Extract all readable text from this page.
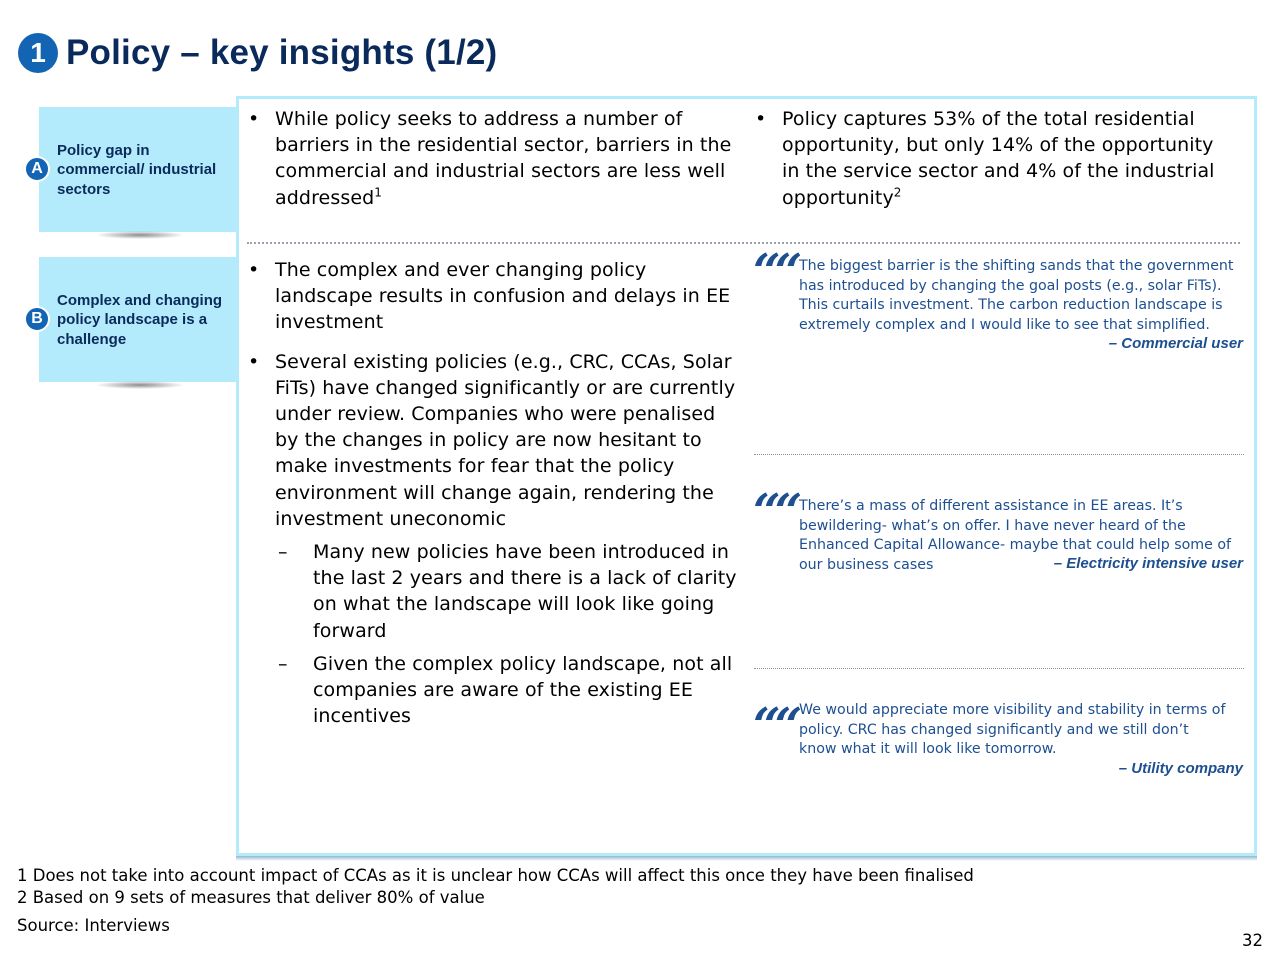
1 Policy – key insights (1/2)
Policy gap in commercial/ industrial sectors
A
Complex and changing policy landscape is a challenge
B
• While policy seeks to address a number of barriers in the residential sector, barriers in the commercial and industrial sectors are less well addressed$^1$
• Policy captures 53% of the total residential opportunity, but only 14% of the opportunity in the service sector and 4% of the industrial opportunity$^2$
• The complex and ever changing policy landscape results in confusion and delays in EE investment
• Several existing policies (e.g., CRC, CCAs, Solar FiTs) have changed significantly or are currently under review. Companies who were penalised by the changes in policy are now hesitant to make investments for fear that the policy environment will change again, rendering the investment uneconomic
– Many new policies have been introduced in the last 2 years and there is a lack of clarity on what the landscape will look like going forward
– Given the complex policy landscape, not all companies are aware of the existing EE incentives
““ The biggest barrier is the shifting sands that the government has introduced by changing the goal posts (e.g., solar FiTs). This curtails investment. The carbon reduction landscape is extremely complex and I would like to see that simplified.
– Commercial user
““ There’s a mass of different assistance in EE areas. It’s bewildering- what’s on offer. I have never heard of the Enhanced Capital Allowance- maybe that could help some of our business cases	– Electricity intensive user
““ We would appreciate more visibility and stability in terms of policy. CRC has changed significantly and we still don’t know what it will look like tomorrow.
– Utility company
1 Does not take into account impact of CCAs as it is unclear how CCAs will affect this once they have been finalised
2 Based on 9 sets of measures that deliver 80% of value
Source: Interviews
32
